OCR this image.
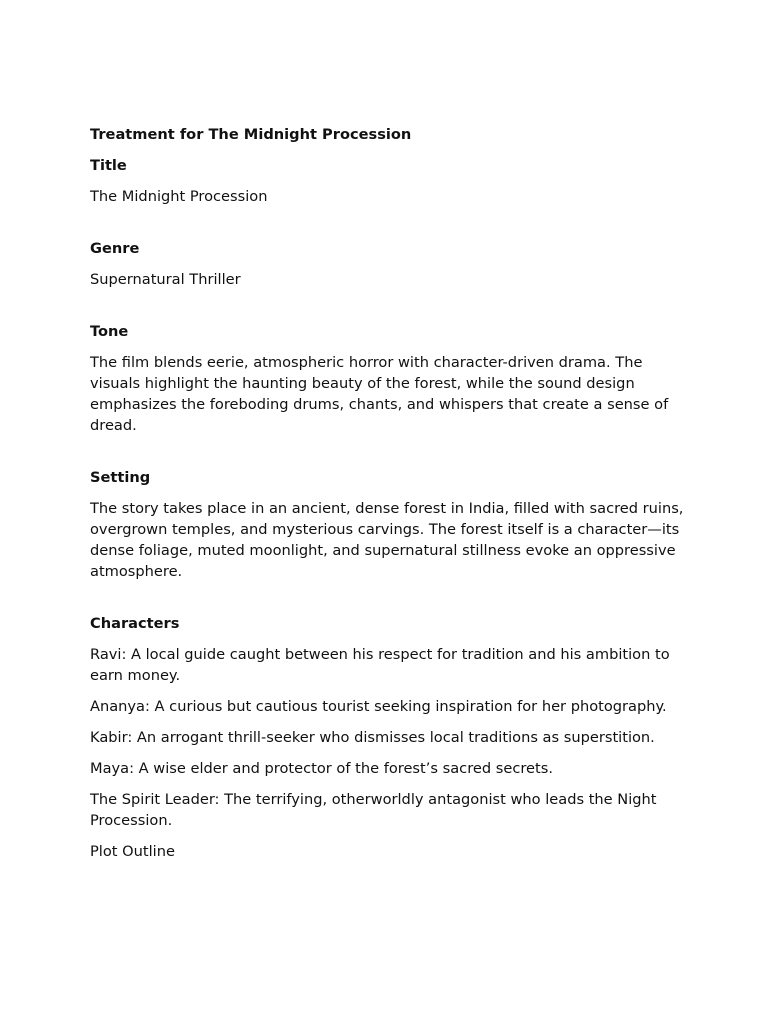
Treatment for The Midnight Procession

Title

The Midnight Procession

Genre

Supernatural Thriller

Tone

The film blends eerie, atmospheric horror with character-driven drama. The visuals highlight the haunting beauty of the forest, while the sound design emphasizes the foreboding drums, chants, and whispers that create a sense of dread.

Setting

The story takes place in an ancient, dense forest in India, filled with sacred ruins, overgrown temples, and mysterious carvings. The forest itself is a character—its dense foliage, muted moonlight, and supernatural stillness evoke an oppressive atmosphere.

Characters

Ravi: A local guide caught between his respect for tradition and his ambition to earn money.

Ananya: A curious but cautious tourist seeking inspiration for her photography.

Kabir: An arrogant thrill-seeker who dismisses local traditions as superstition.

Maya: A wise elder and protector of the forest’s sacred secrets.

The Spirit Leader: The terrifying, otherworldly antagonist who leads the Night Procession.

Plot Outline
